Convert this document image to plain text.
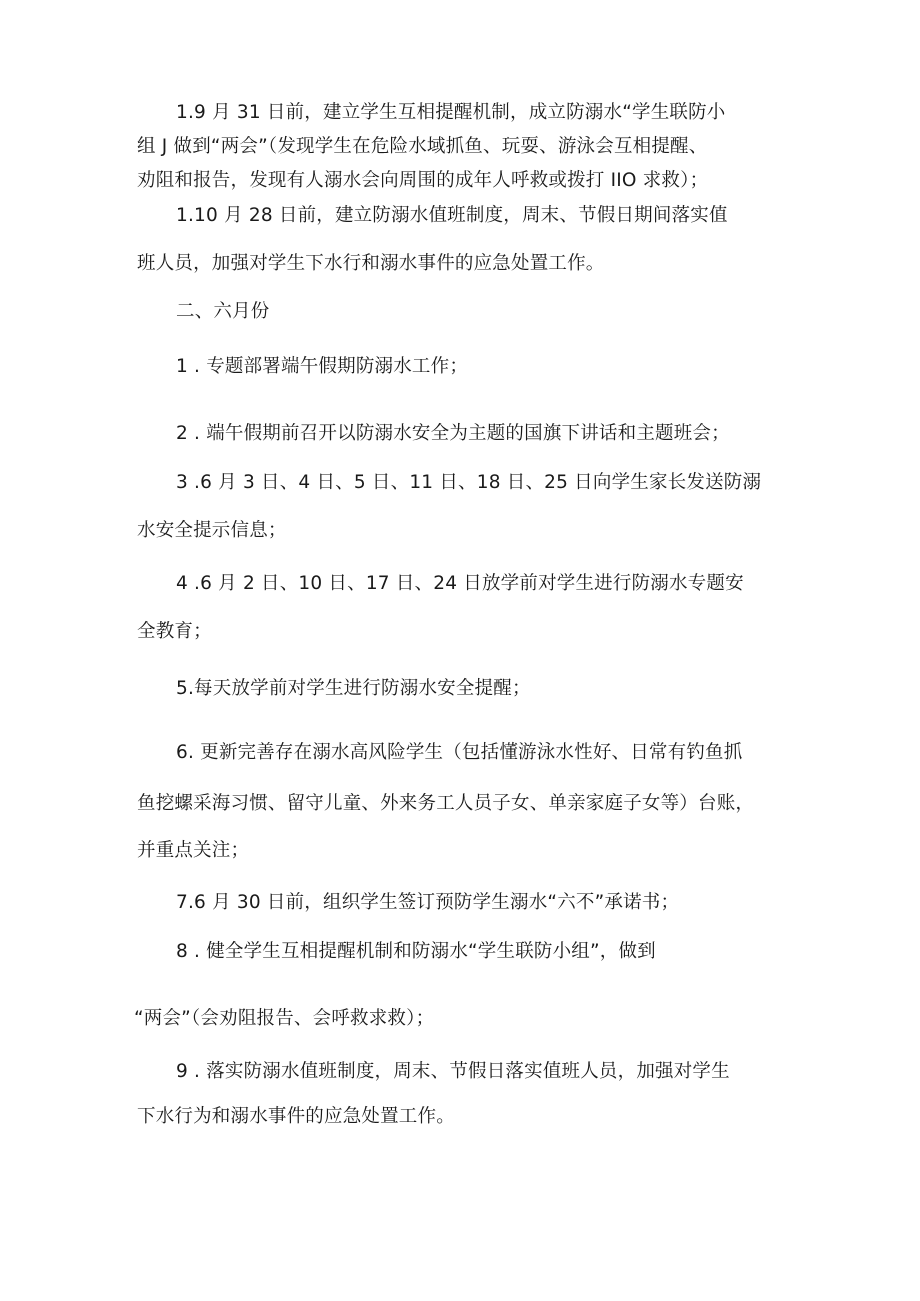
1.9 月 31 日前，建立学生互相提醒机制，成立防溺水“学生联防小
组 J 做到“两会”（发现学生在危险水域抓鱼、玩耍、游泳会互相提醒、
劝阻和报告，发现有人溺水会向周围的成年人呼救或拨打 IIO 求救）；
1.10 月 28 日前，建立防溺水值班制度，周末、节假日期间落实值
班人员，加强对学生下水行和溺水事件的应急处置工作。
二、六月份
1 . 专题部署端午假期防溺水工作；
2 . 端午假期前召开以防溺水安全为主题的国旗下讲话和主题班会；
3 .6 月 3 日、4 日、5 日、11 日、18 日、25 日向学生家长发送防溺
水安全提示信息；
4 .6 月 2 日、10 日、17 日、24 日放学前对学生进行防溺水专题安
全教育；
5.每天放学前对学生进行防溺水安全提醒；
6. 更新完善存在溺水高风险学生（包括懂游泳水性好、日常有钓鱼抓
鱼挖螺采海习惯、留守儿童、外来务工人员子女、单亲家庭子女等）台账，
并重点关注；
7.6 月 30 日前，组织学生签订预防学生溺水“六不”承诺书；
8 . 健全学生互相提醒机制和防溺水“学生联防小组”，做到
“两会”（会劝阻报告、会呼救求救）；
9 . 落实防溺水值班制度，周末、节假日落实值班人员，加强对学生
下水行为和溺水事件的应急处置工作。
